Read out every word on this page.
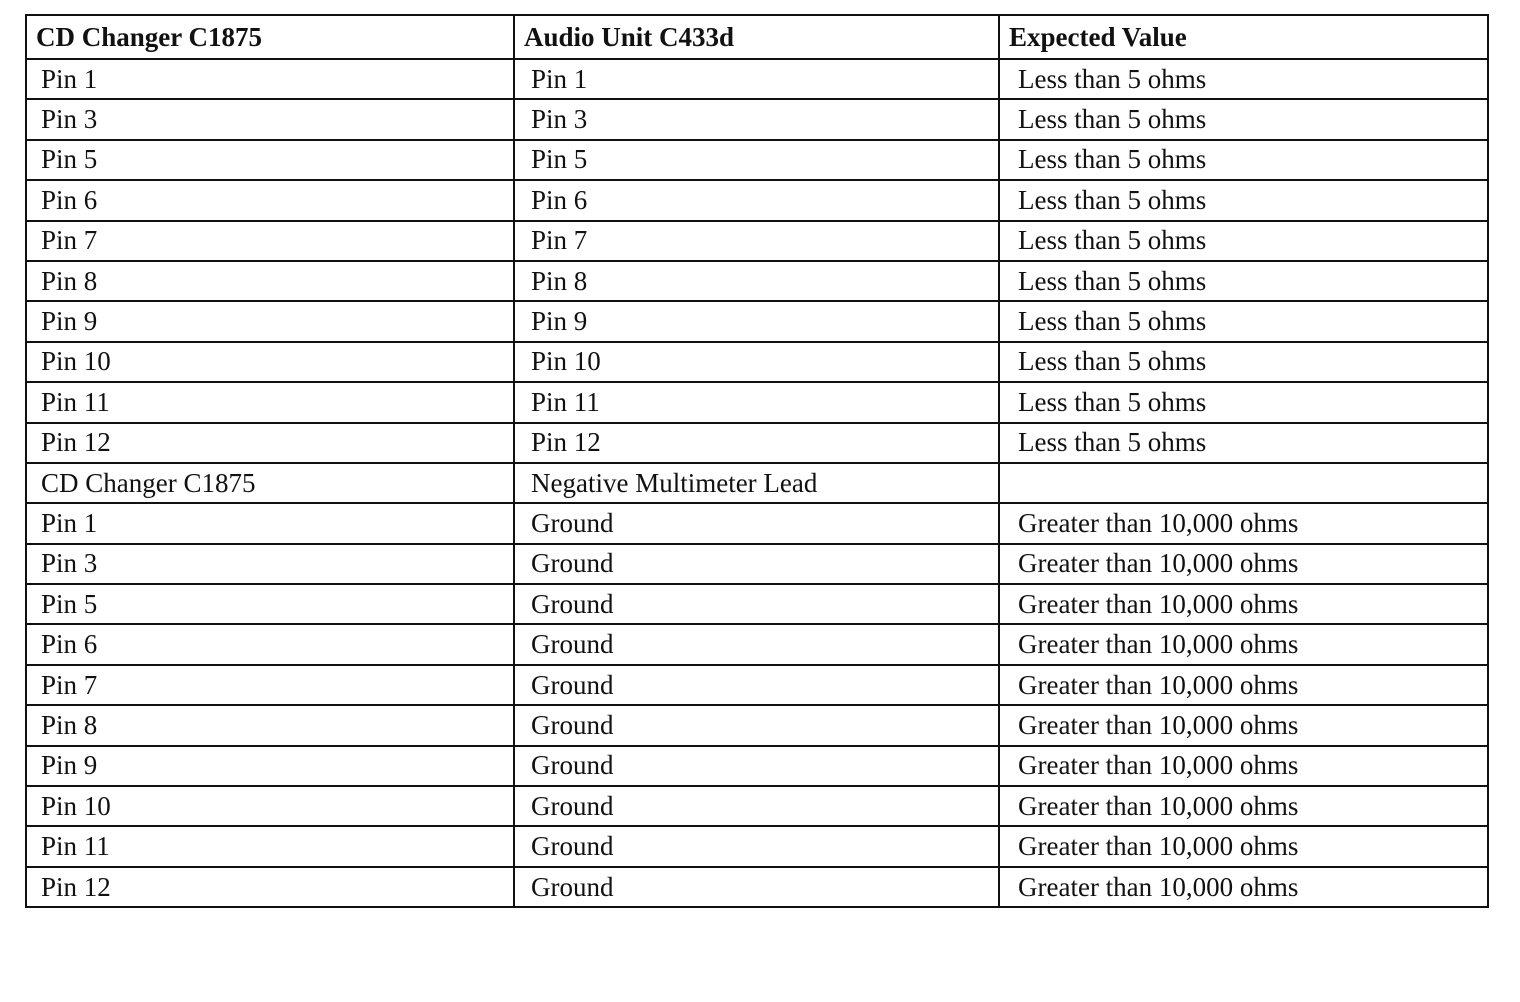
CD Changer C1875	Audio Unit C433d	Expected Value
Pin 1	Pin 1	Less than 5 ohms
Pin 3	Pin 3	Less than 5 ohms
Pin 5	Pin 5	Less than 5 ohms
Pin 6	Pin 6	Less than 5 ohms
Pin 7	Pin 7	Less than 5 ohms
Pin 8	Pin 8	Less than 5 ohms
Pin 9	Pin 9	Less than 5 ohms
Pin 10	Pin 10	Less than 5 ohms
Pin 11	Pin 11	Less than 5 ohms
Pin 12	Pin 12	Less than 5 ohms
CD Changer C1875	Negative Multimeter Lead	
Pin 1	Ground	Greater than 10,000 ohms
Pin 3	Ground	Greater than 10,000 ohms
Pin 5	Ground	Greater than 10,000 ohms
Pin 6	Ground	Greater than 10,000 ohms
Pin 7	Ground	Greater than 10,000 ohms
Pin 8	Ground	Greater than 10,000 ohms
Pin 9	Ground	Greater than 10,000 ohms
Pin 10	Ground	Greater than 10,000 ohms
Pin 11	Ground	Greater than 10,000 ohms
Pin 12	Ground	Greater than 10,000 ohms
